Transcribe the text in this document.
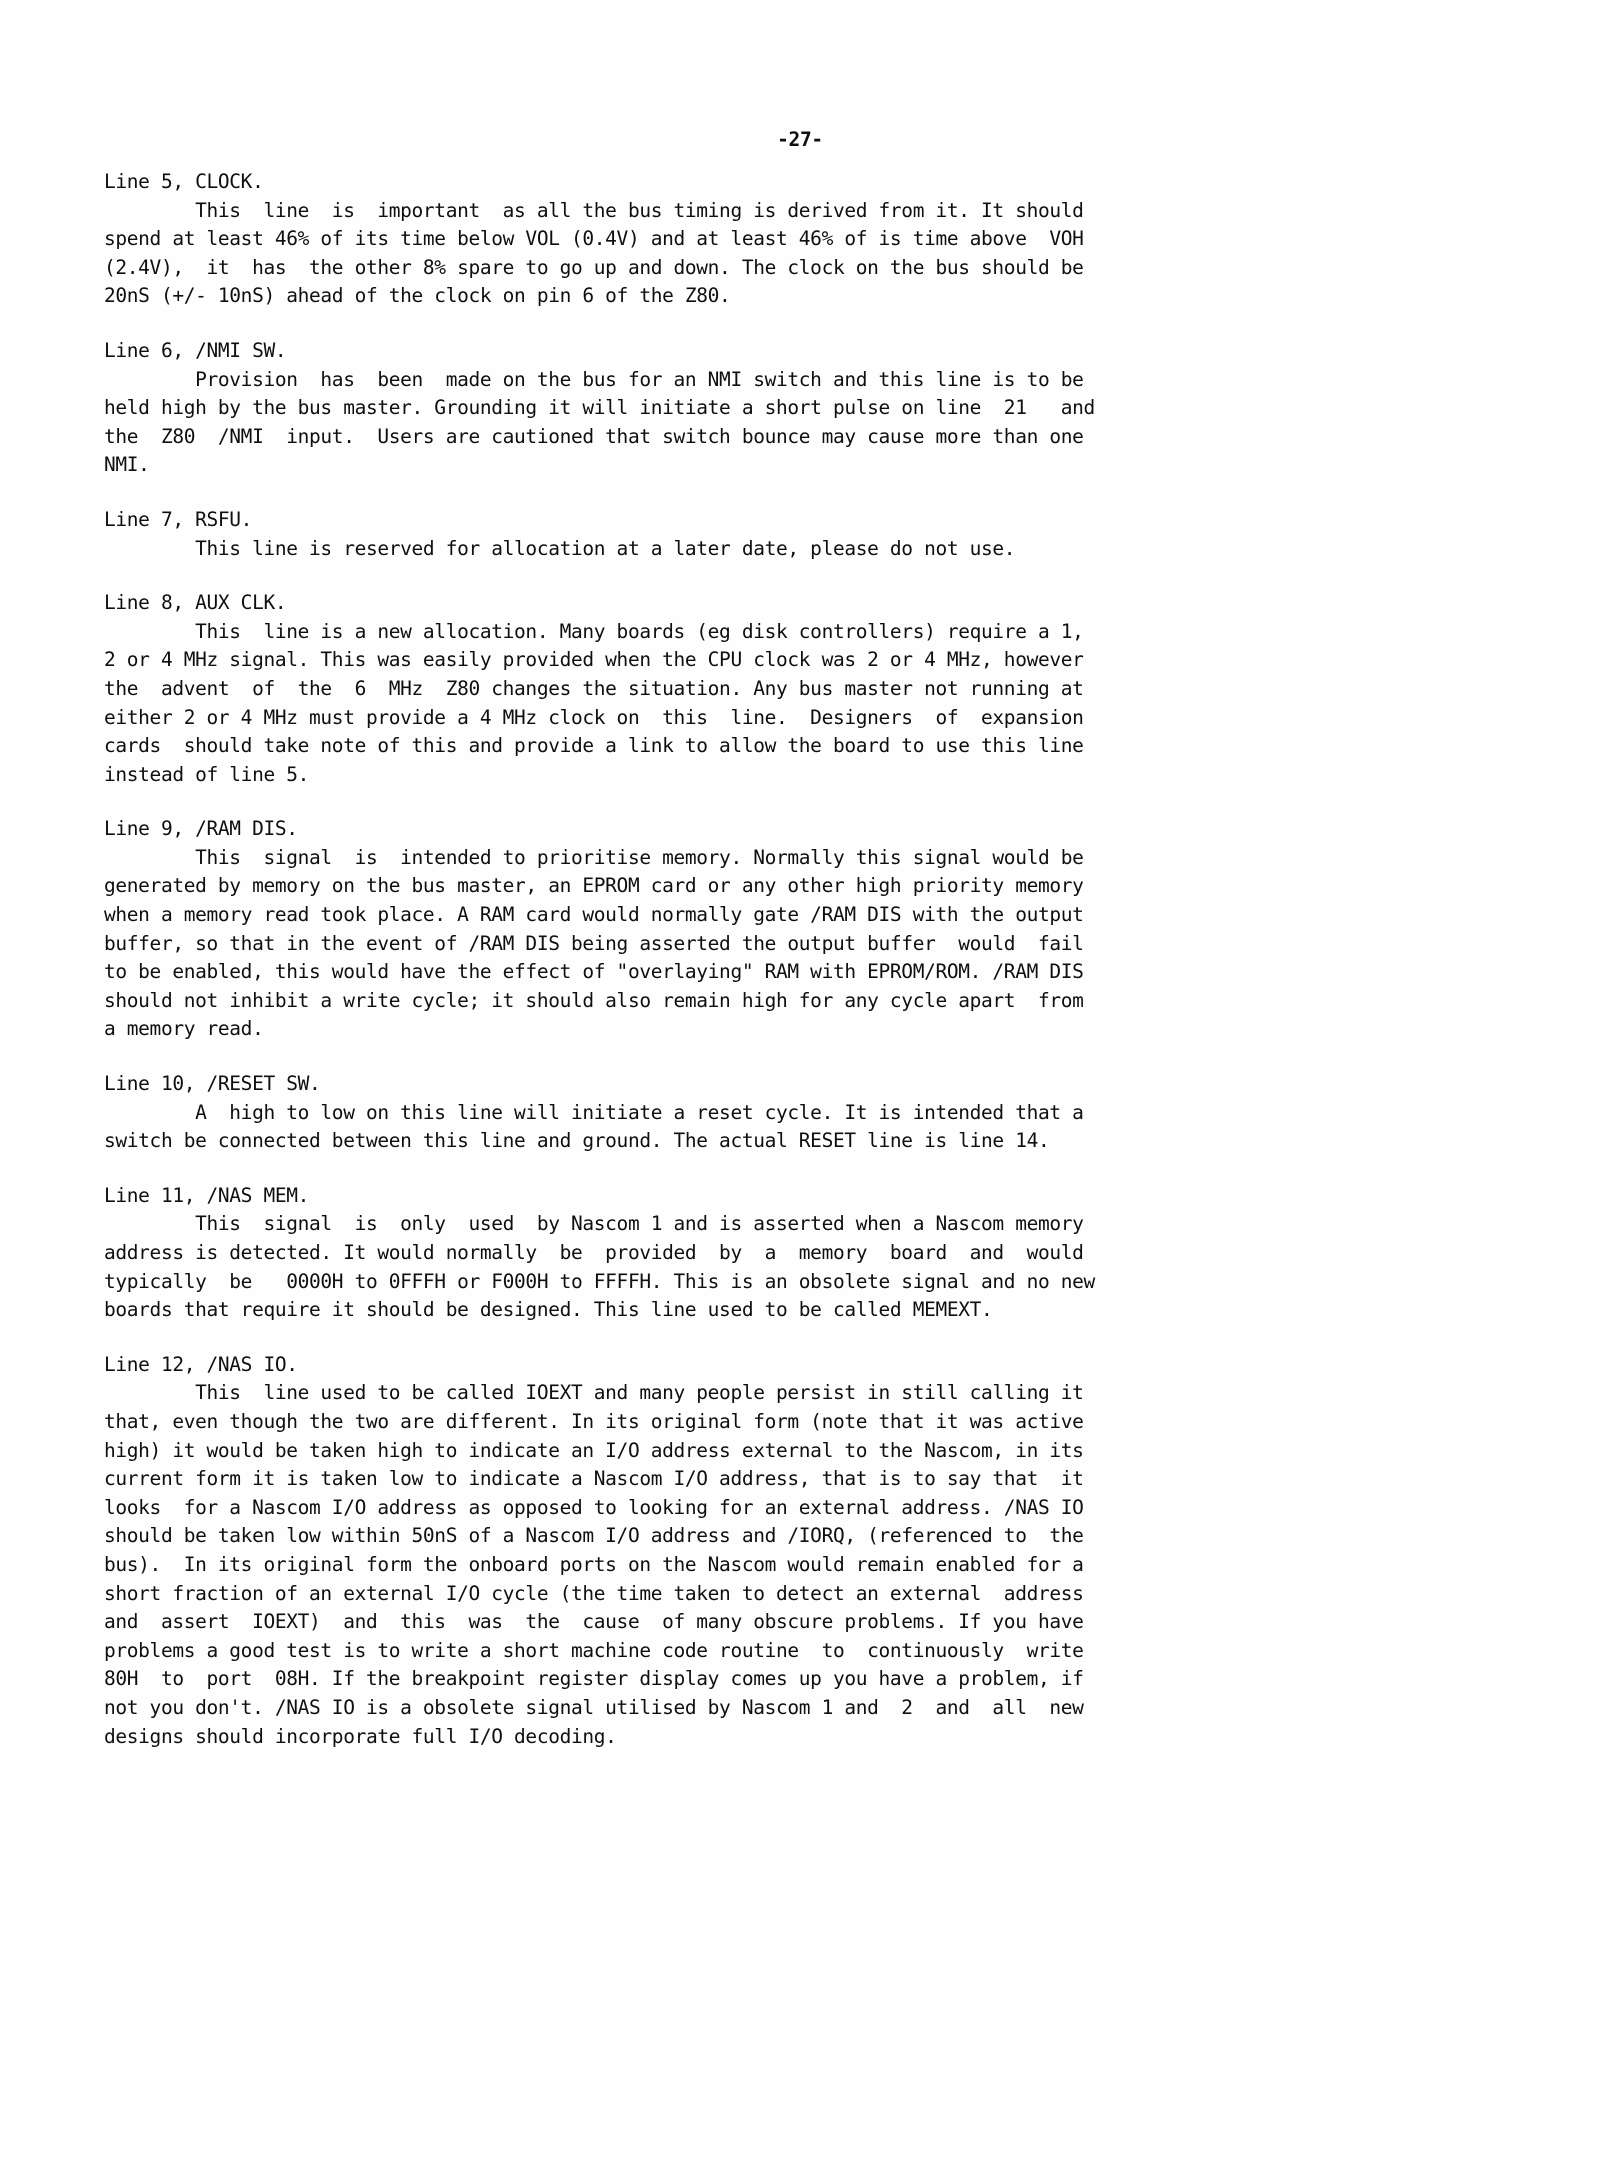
-27-
Line 5, CLOCK.
This  line  is  important  as all the bus timing is derived from it. It should
spend at least 46% of its time below VOL (0.4V) and at least 46% of is time above  VOH
(2.4V),  it  has  the other 8% spare to go up and down. The clock on the bus should be
20nS (+/- 10nS) ahead of the clock on pin 6 of the Z80.
Line 6, /NMI SW.
Provision  has  been  made on the bus for an NMI switch and this line is to be
held high by the bus master. Grounding it will initiate a short pulse on line  21   and
the  Z80  /NMI  input.  Users are cautioned that switch bounce may cause more than one
NMI.
Line 7, RSFU.
This line is reserved for allocation at a later date, please do not use.
Line 8, AUX CLK.
This  line is a new allocation. Many boards (eg disk controllers) require a 1,
2 or 4 MHz signal. This was easily provided when the CPU clock was 2 or 4 MHz, however
the  advent  of  the  6  MHz  Z80 changes the situation. Any bus master not running at
either 2 or 4 MHz must provide a 4 MHz clock on  this  line.  Designers  of  expansion
cards  should take note of this and provide a link to allow the board to use this line
instead of line 5.
Line 9, /RAM DIS.
This  signal  is  intended to prioritise memory. Normally this signal would be
generated by memory on the bus master, an EPROM card or any other high priority memory
when a memory read took place. A RAM card would normally gate /RAM DIS with the output
buffer, so that in the event of /RAM DIS being asserted the output buffer  would  fail
to be enabled, this would have the effect of "overlaying" RAM with EPROM/ROM. /RAM DIS
should not inhibit a write cycle; it should also remain high for any cycle apart  from
a memory read.
Line 10, /RESET SW.
A  high to low on this line will initiate a reset cycle. It is intended that a
switch be connected between this line and ground. The actual RESET line is line 14.
Line 11, /NAS MEM.
This  signal  is  only  used  by Nascom 1 and is asserted when a Nascom memory
address is detected. It would normally  be  provided  by  a  memory  board  and  would
typically  be   0000H to 0FFFH or F000H to FFFFH. This is an obsolete signal and no new
boards that require it should be designed. This line used to be called MEMEXT.
Line 12, /NAS IO.
This  line used to be called IOEXT and many people persist in still calling it
that, even though the two are different. In its original form (note that it was active
high) it would be taken high to indicate an I/O address external to the Nascom, in its
current form it is taken low to indicate a Nascom I/O address, that is to say that  it
looks  for a Nascom I/O address as opposed to looking for an external address. /NAS IO
should be taken low within 50nS of a Nascom I/O address and /IORQ, (referenced to  the
bus).  In its original form the onboard ports on the Nascom would remain enabled for a
short fraction of an external I/O cycle (the time taken to detect an external  address
and  assert  IOEXT)  and  this  was  the  cause  of many obscure problems. If you have
problems a good test is to write a short machine code routine  to  continuously  write
80H  to  port  08H. If the breakpoint register display comes up you have a problem, if
not you don't. /NAS IO is a obsolete signal utilised by Nascom 1 and  2  and  all  new
designs should incorporate full I/O decoding.
